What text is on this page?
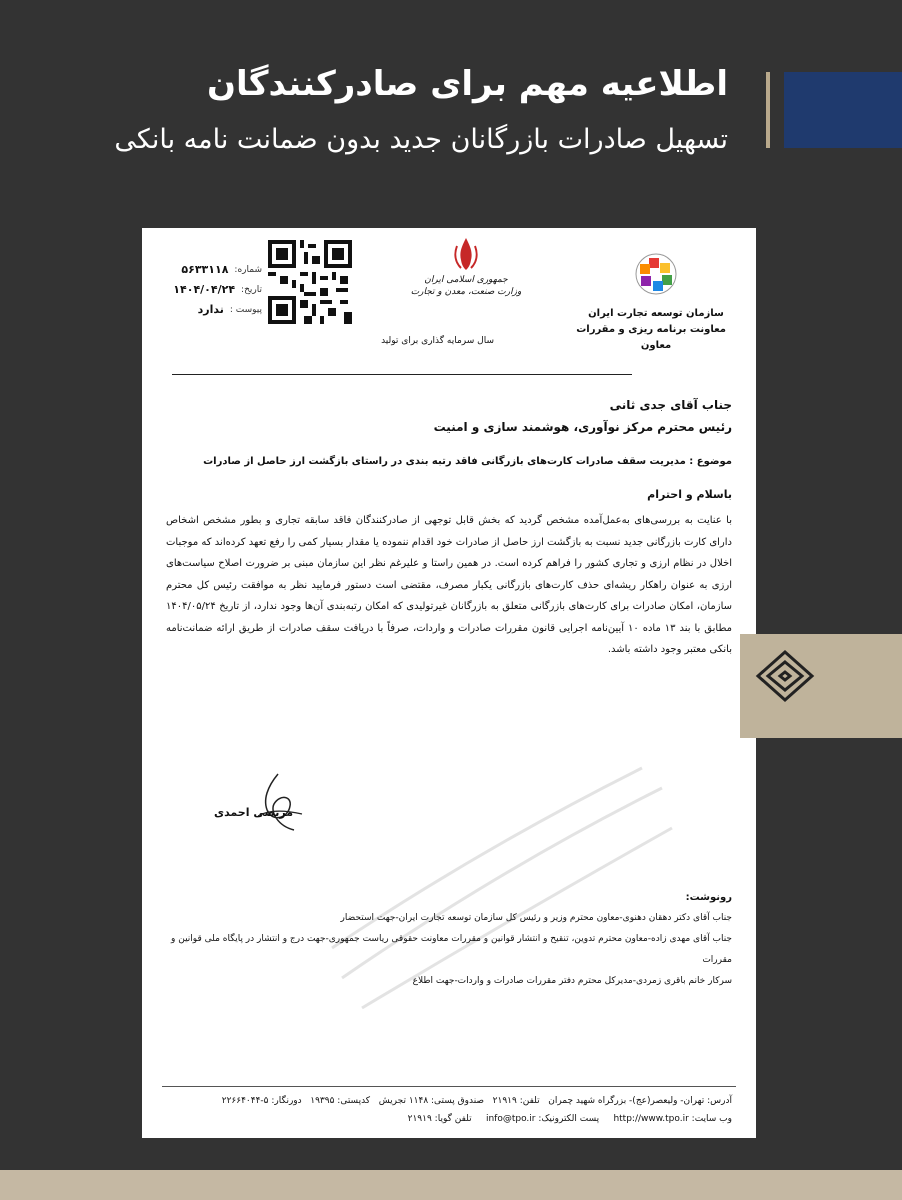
اطلاعیه مهم برای صادرکنندگان
تسهیل صادرات بازرگانان جدید بدون ضمانت نامه بانکی
سازمان توسعه تجارت ایران
معاونت برنامه ریزی و مقررات
معاون
جمهوری اسلامی ایران
وزارت صنعت، معدن و تجارت
سال سرمایه گذاری برای تولید
شماره:
۵۶۳۳۱۱۸
تاریخ:
۱۴۰۴/۰۴/۲۴
پیوست :
ندارد
جناب آقای جدی ثانی
رئیس محترم مرکز نوآوری، هوشمند سازی و امنیت
موضوع : مدیریت سقف صادرات کارت‌های بازرگانی فاقد رتبه بندی در راستای بازگشت ارز حاصل از صادرات
باسلام و احترام
با عنایت به بررسی‌های به‌عمل‌آمده مشخص گردید که بخش قابل توجهی از صادرکنندگان فاقد سابقه تجاری و بطور مشخص اشخاص دارای کارت بازرگانی جدید نسبت به بازگشت ارز حاصل از صادرات خود اقدام ننموده یا مقدار بسیار کمی را رفع تعهد کرده‌اند که موجبات اخلال در نظام ارزی و تجاری کشور را فراهم کرده است. در همین راستا و علیرغم نظر این سازمان مبنی بر ضرورت اصلاح سیاست‌های ارزی به عنوان راهکار ریشه‌ای حذف کارت‌های بازرگانی یکبار مصرف، مقتضی است دستور فرمایید نظر به موافقت رئیس کل محترم سازمان، امکان صادرات برای کارت‌های بازرگانی متعلق به بازرگانان غیرتولیدی که امکان رتبه‌بندی آن‌ها وجود ندارد، از تاریخ ۱۴۰۴/۰۵/۲۴ مطابق با بند ۱۳ ماده ۱۰ آیین‌نامه اجرایی قانون مقررات صادرات و واردات، صرفاً با دریافت سقف صادرات از طریق ارائه ضمانت‌نامه بانکی معتبر وجود داشته باشد.
مرتضی احمدی
رونوشت:
جناب آقای دکتر دهقان دهنوی-معاون محترم وزیر و رئیس کل سازمان توسعه تجارت ایران-جهت استحضار
جناب آقای مهدی زاده-معاون محترم تدوین، تنقیح و انتشار قوانین و مقررات معاونت حقوقی ریاست جمهوری-جهت درج و انتشار در پایگاه ملی قوانین و مقررات
سرکار خانم باقری زمردی-مدیرکل محترم دفتر مقررات صادرات و واردات-جهت اطلاع
آدرس: تهران- ولیعصر(عج)- بزرگراه شهید چمران   تلفن: ۲۱۹۱۹   صندوق پستی: ۱۱۴۸ تجریش   کدپستی: ۱۹۳۹۵   دورنگار: ۵-۲۲۶۶۴۰۴۴
وب سایت: http://www.tpo.ir     پست الکترونیک: info@tpo.ir     تلفن گویا: ۲۱۹۱۹
